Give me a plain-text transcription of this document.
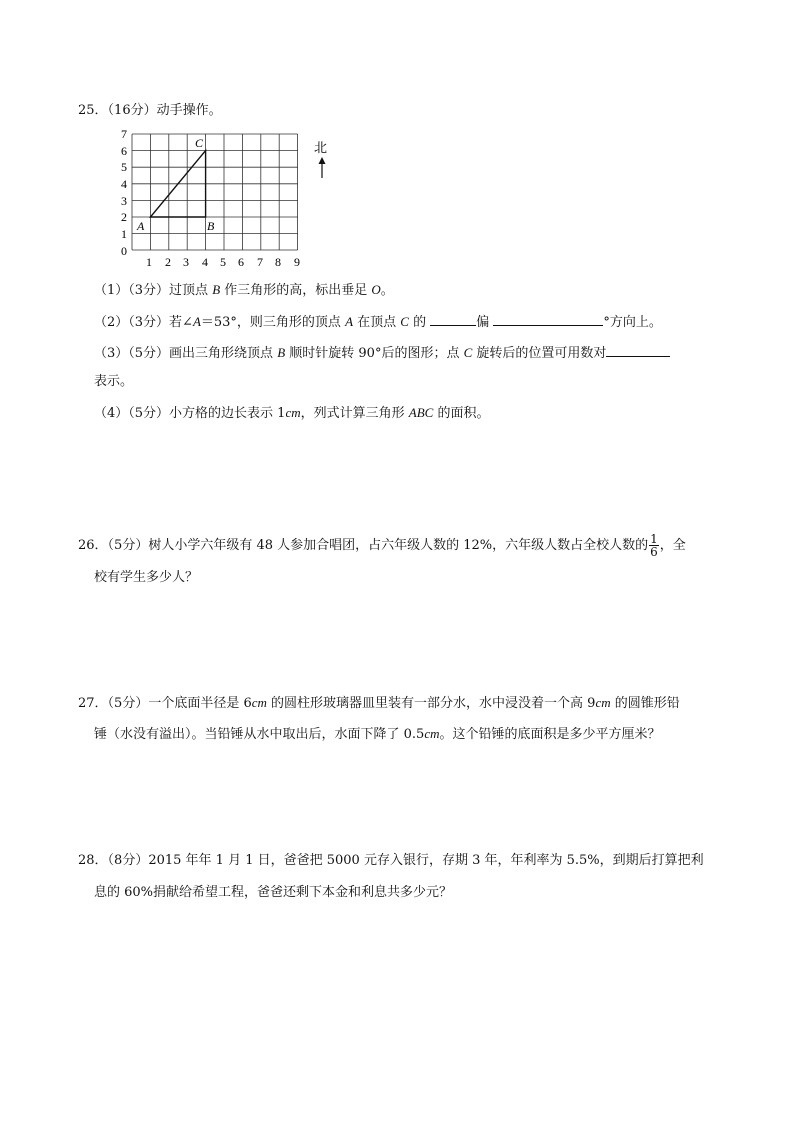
25．（16分）动手操作。
7
6
5
4
3
2
1
0
1 2 3 4 5 6 7 8 9
A	B
C	北
（1）（3分）过顶点 B 作三角形的高，标出垂足 O。
（2）（3分）若∠A＝53°，则三角形的顶点 A 在顶点 C 的	偏	°方向上。
（3）（5分）画出三角形绕顶点 B 顺时针旋转 90°后的图形；点 C 旋转后的位置可用数对
表示。
（4）（5分）小方格的边长表示 1cm，列式计算三角形 ABC 的面积。
26．（5分）树人小学六年级有 48 人参加合唱团，占六年级人数的 12%，六年级人数占全校人数的 $\frac{1}{6}$ ，全
校有学生多少人？
27．（5分）一个底面半径是 6cm 的圆柱形玻璃器皿里装有一部分水，水中浸没着一个高 9cm 的圆锥形铅
锤（水没有溢出）。当铅锤从水中取出后，水面下降了 0.5cm。这个铅锤的底面积是多少平方厘米？
28．（8分）2015 年年 1 月 1 日，爸爸把 5000 元存入银行，存期 3 年，年利率为 5.5%，到期后打算把利
息的 60%捐献给希望工程，爸爸还剩下本金和利息共多少元？
